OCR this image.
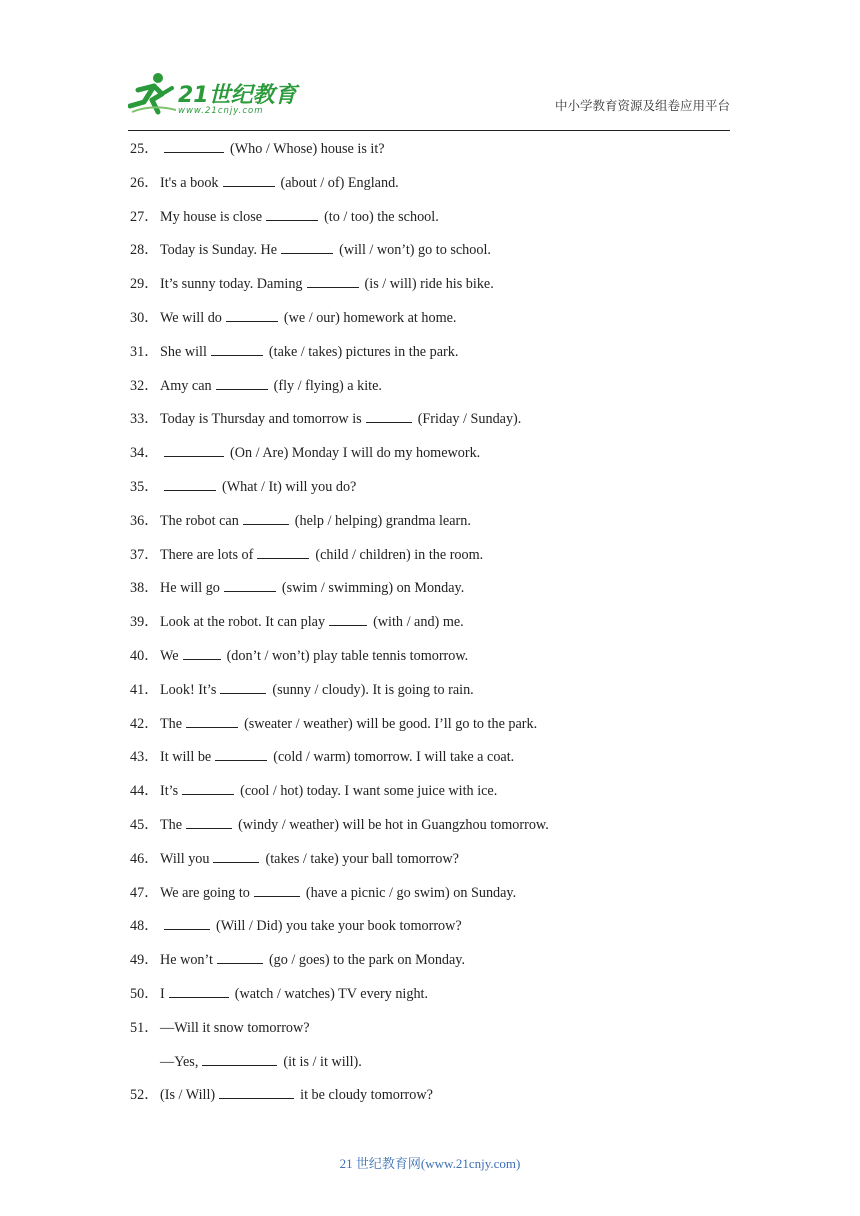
21世纪教育
www.21cnjy.com	中小学教育资源及组卷应用平台
25．	(Who / Whose) house is it?
26． It's a book	(about / of) England.
27． My house is close	(to / too) the school.
28． Today is Sunday. He	(will / won’t) go to school.
29． It’s sunny today. Daming	(is / will) ride his bike.
30． We will do	(we / our) homework at home.
31． She will	(take / takes) pictures in the park.
32． Amy can	(fly / flying) a kite.
33． Today is Thursday and tomorrow is	(Friday / Sunday).
34．	(On / Are) Monday I will do my homework.
35．	(What / It) will you do?
36． The robot can	(help / helping) grandma learn.
37． There are lots of	(child / children) in the room.
38． He will go	(swim / swimming) on Monday.
39． Look at the robot. It can play	(with / and) me.
40． We	(don’t / won’t) play table tennis tomorrow.
41． Look! It’s	(sunny / cloudy). It is going to rain.
42． The	(sweater / weather) will be good. I’ll go to the park.
43． It will be	(cold / warm) tomorrow. I will take a coat.
44． It’s	(cool / hot) today. I want some juice with ice.
45． The	(windy / weather) will be hot in Guangzhou tomorrow.
46． Will you	(takes / take) your ball tomorrow?
47． We are going to	(have a picnic / go swim) on Sunday.
48．	(Will / Did) you take your book tomorrow?
49． He won’t	(go / goes) to the park on Monday.
50． I	(watch / watches) TV every night.
51． —Will it snow tomorrow?
—Yes,	(it is / it will).
52． (Is / Will)	it be cloudy tomorrow?
21 世纪教育网(www.21cnjy.com)
